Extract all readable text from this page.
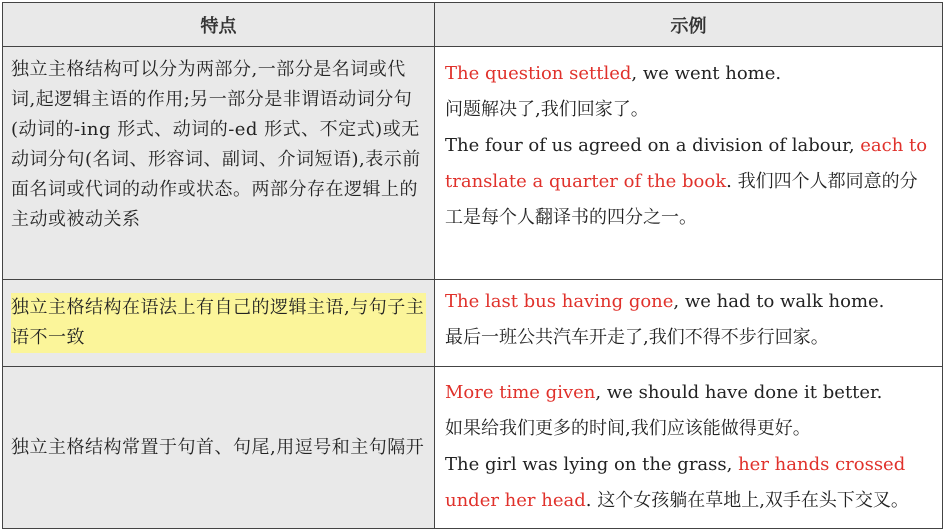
特点	示例
独立主格结构可以分为两部分,一部分是名词或代词,起逻辑主语的作用;另一部分是非谓语动词分句(动词的-ing 形式、动词的-ed 形式、不定式)或无动词分句(名词、形容词、副词、介词短语),表示前面名词或代词的动作或状态。两部分存在逻辑上的主动或被动关系

The question settled, we went home.

问题解决了,我们回家了。

The four of us agreed on a division of labour, each to translate a quarter of the book. 我们四个人都同意的分工是每个人翻译书的四分之一。

独立主格结构在语法上有自己的逻辑主语,与句子主语不一致

The last bus having gone, we had to walk home.

最后一班公共汽车开走了,我们不得不步行回家。

独立主格结构常置于句首、句尾,用逗号和主句隔开

More time given, we should have done it better.

如果给我们更多的时间,我们应该能做得更好。

The girl was lying on the grass, her hands crossed under her head. 这个女孩躺在草地上,双手在头下交叉。
